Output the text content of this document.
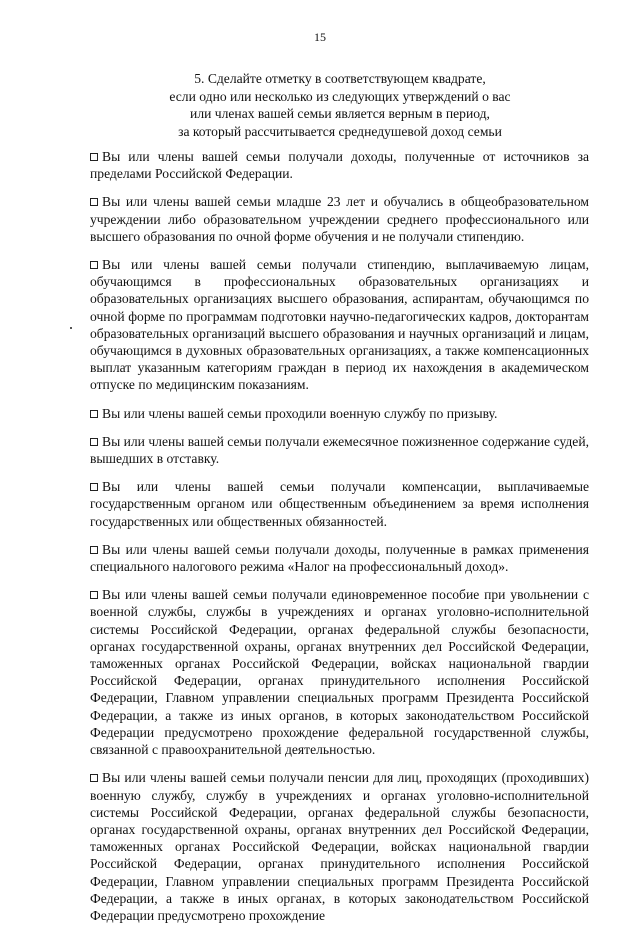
15
5. Сделайте отметку в соответствующем квадрате,
если одно или несколько из следующих утверждений о вас
или членах вашей семьи является верным в период,
за который рассчитывается среднедушевой доход семьи

Вы или члены вашей семьи получали доходы, полученные от источников за пределами Российской Федерации.

Вы или члены вашей семьи младше 23 лет и обучались в общеобразовательном учреждении либо образовательном учреждении среднего профессионального или высшего образования по очной форме обучения и не получали стипендию.

Вы или члены вашей семьи получали стипендию, выплачиваемую лицам, обучающимся в профессиональных образовательных организациях и образовательных организациях высшего образования, аспирантам, обучающимся по очной форме по программам подготовки научно-педагогических кадров, докторантам образовательных организаций высшего образования и научных организаций и лицам, обучающимся в духовных образовательных организациях, а также компенсационных выплат указанным категориям граждан в период их нахождения в академическом отпуске по медицинским показаниям.

Вы или члены вашей семьи проходили военную службу по призыву.

Вы или члены вашей семьи получали ежемесячное пожизненное содержание судей, вышедших в отставку.

Вы или члены вашей семьи получали компенсации, выплачиваемые государственным органом или общественным объединением за время исполнения государственных или общественных обязанностей.

Вы или члены вашей семьи получали доходы, полученные в рамках применения специального налогового режима «Налог на профессиональный доход».

Вы или члены вашей семьи получали единовременное пособие при увольнении с военной службы, службы в учреждениях и органах уголовно-исполнительной системы Российской Федерации, органах федеральной службы безопасности, органах государственной охраны, органах внутренних дел Российской Федерации, таможенных органах Российской Федерации, войсках национальной гвардии Российской Федерации, органах принудительного исполнения Российской Федерации, Главном управлении специальных программ Президента Российской Федерации, а также из иных органов, в которых законодательством Российской Федерации предусмотрено прохождение федеральной государственной службы, связанной с правоохранительной деятельностью.

Вы или члены вашей семьи получали пенсии для лиц, проходящих (проходивших) военную службу, службу в учреждениях и органах уголовно-исполнительной системы Российской Федерации, органах федеральной службы безопасности, органах государственной охраны, органах внутренних дел Российской Федерации, таможенных органах Российской Федерации, войсках национальной гвардии Российской Федерации, органах принудительного исполнения Российской Федерации, Главном управлении специальных программ Президента Российской Федерации, а также в иных органах, в которых законодательством Российской Федерации предусмотрено прохождение
